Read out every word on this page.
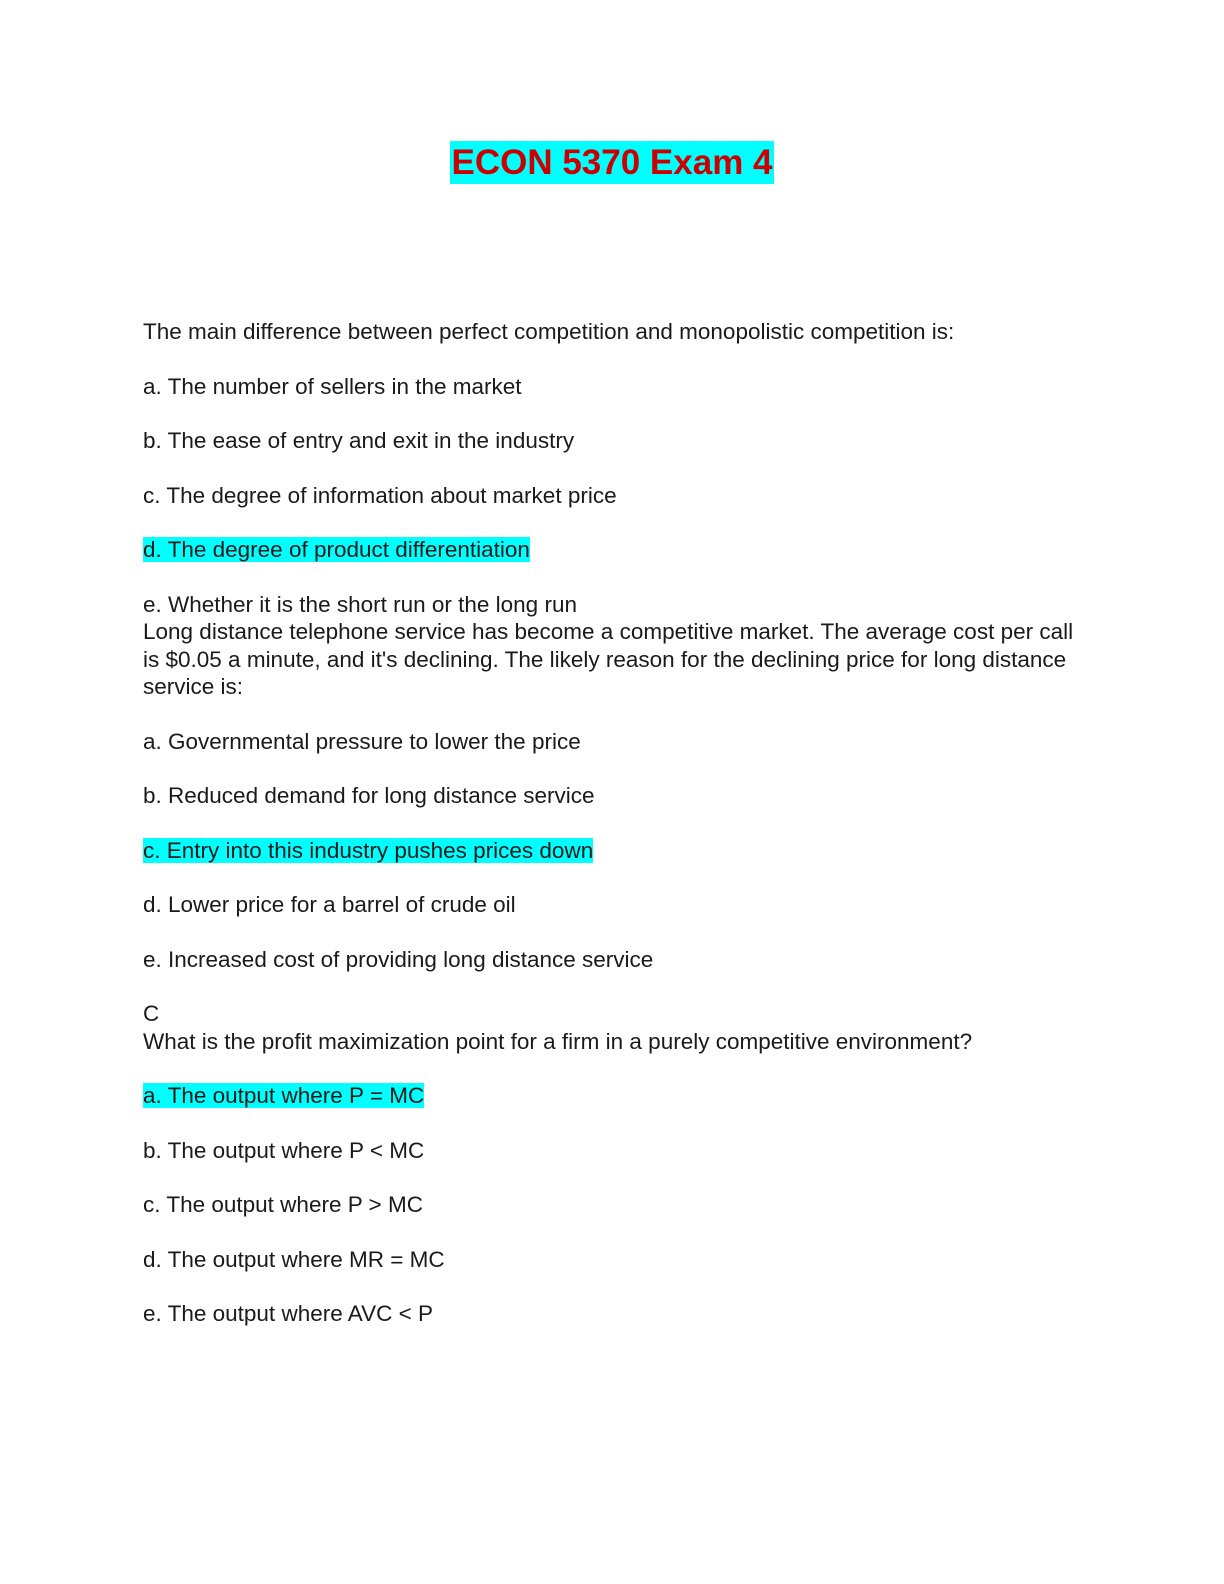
ECON 5370 Exam 4

The main difference between perfect competition and monopolistic competition is:

a. The number of sellers in the market

b. The ease of entry and exit in the industry

c. The degree of information about market price

d. The degree of product differentiation

e. Whether it is the short run or the long run

Long distance telephone service has become a competitive market. The average cost per call is $0.05 a minute, and it's declining. The likely reason for the declining price for long distance service is:

a. Governmental pressure to lower the price

b. Reduced demand for long distance service

c. Entry into this industry pushes prices down

d. Lower price for a barrel of crude oil

e. Increased cost of providing long distance service

C

What is the profit maximization point for a firm in a purely competitive environment?

a. The output where P = MC

b. The output where P < MC

c. The output where P > MC

d. The output where MR = MC

e. The output where AVC < P
